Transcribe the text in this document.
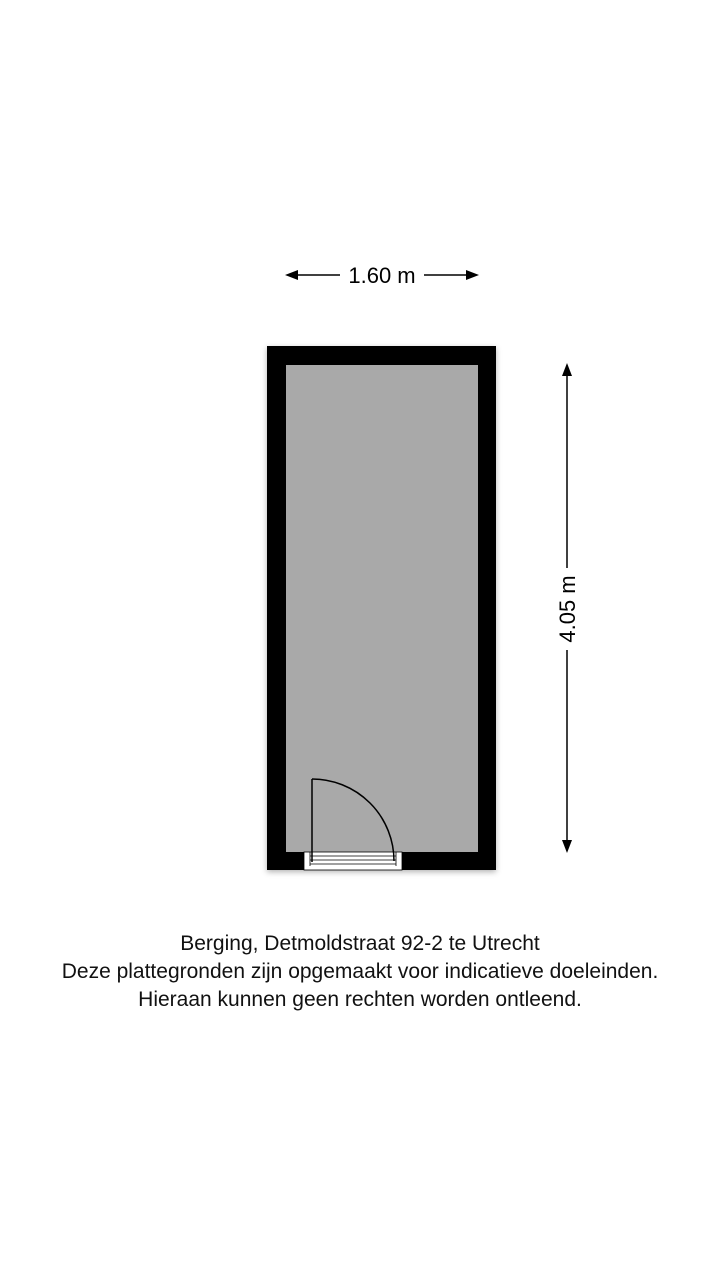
1.60 m
4.05 m
Berging, Detmoldstraat 92-2 te Utrecht
Deze plattegronden zijn opgemaakt voor indicatieve doeleinden.
Hieraan kunnen geen rechten worden ontleend.
